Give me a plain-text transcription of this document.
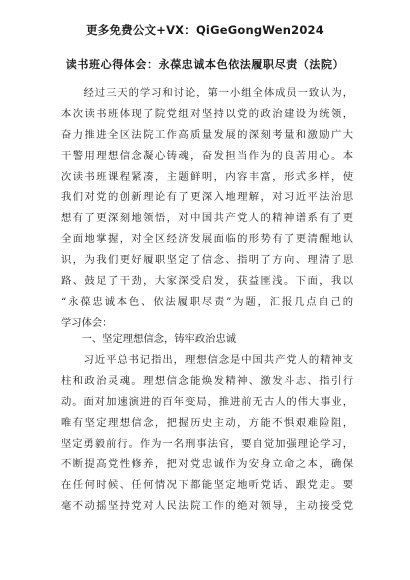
更多免费公文+VX：QiGeGongWen2024
读书班心得体会：永葆忠诚本色依法履职尽责（法院）
　　经过三天的学习和讨论，第一小组全体成员一致认为，
本次读书班体现了院党组对坚持以党的政治建设为统领，
奋力推进全区法院工作高质量发展的深刻考量和激励广大
干警用理想信念凝心铸魂，奋发担当作为的良苦用心。本
次读书班课程紧凑，主题鲜明，内容丰富，形式多样，使
我们对党的创新理论有了更深入地理解，对习近平法治思
想有了更深刻地领悟，对中国共产党人的精神谱系有了更
全面地掌握，对全区经济发展面临的形势有了更清醒地认
识，为我们更好履职坚定了信念、指明了方向、理清了思
路、鼓足了干劲，大家深受启发，获益匪浅。下面，我以
“永葆忠诚本色、依法履职尽责”为题，汇报几点自己的
学习体会：
　　一、坚定理想信念，铸牢政治忠诚
　　习近平总书记指出，理想信念是中国共产党人的精神支
柱和政治灵魂。理想信念能焕发精神、激发斗志、指引行
动。面对加速演进的百年变局，推进前无古人的伟大事业，
唯有坚定理想信念，把握历史主动，方能不惧艰难险阻，
坚定勇毅前行。作为一名刑事法官，要自觉加强理论学习，
不断提高党性修养，把对党忠诚作为安身立命之本，确保
在任何时候、任何情况下都能坚定地听党话、跟党走。要
毫不动摇坚持党对人民法院工作的绝对领导，主动接受党
